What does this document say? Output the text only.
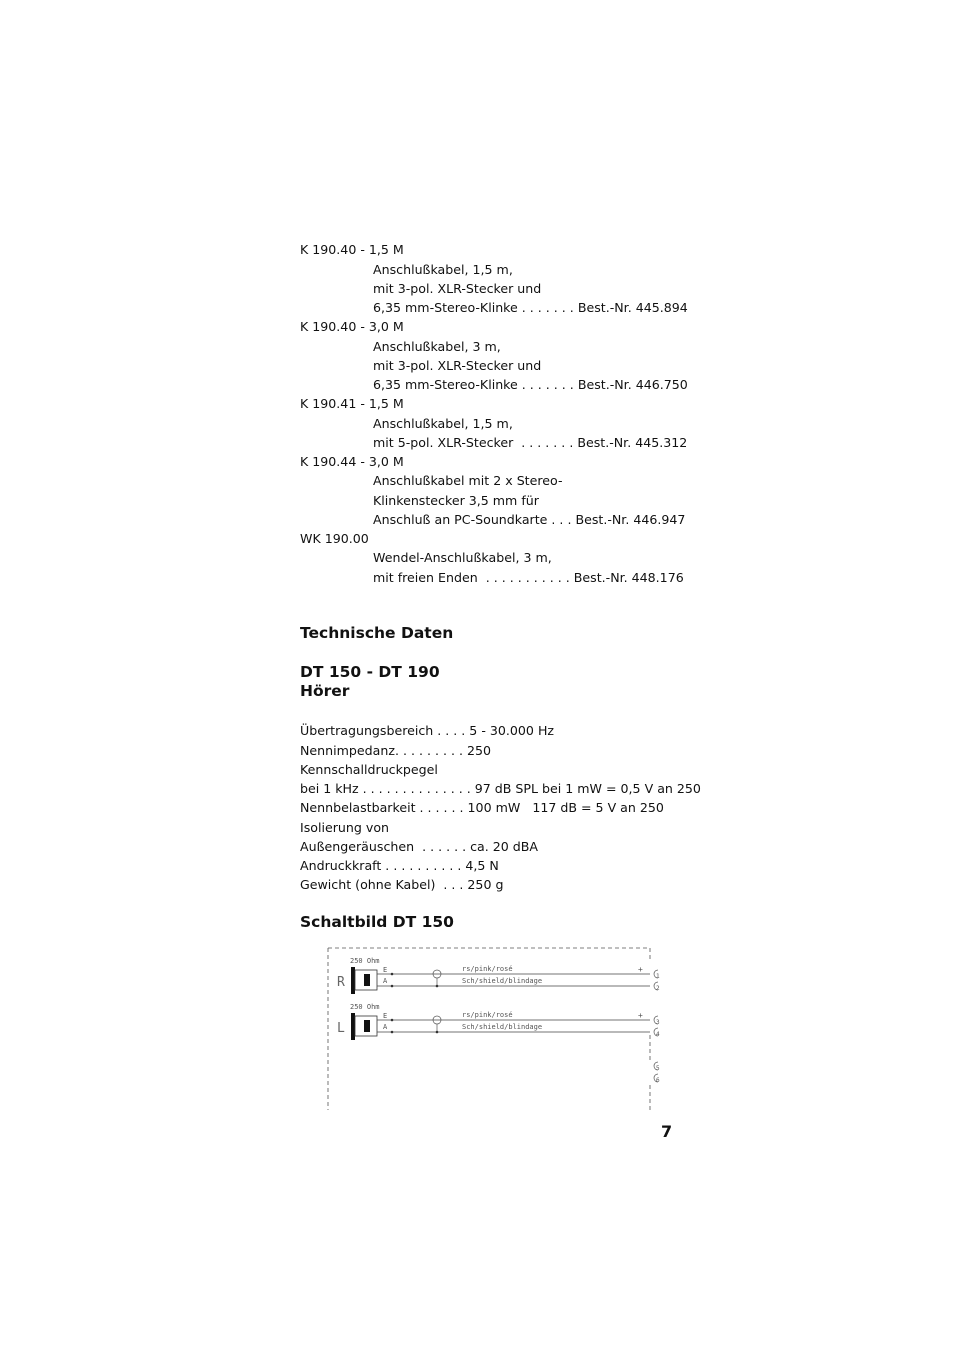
K 190.40 - 1,5 M
Anschlußkabel, 1,5 m,
mit 3-pol. XLR-Stecker und
6,35 mm-Stereo-Klinke . . . . . . . Best.-Nr. 445.894
K 190.40 - 3,0 M
Anschlußkabel, 3 m,
mit 3-pol. XLR-Stecker und
6,35 mm-Stereo-Klinke . . . . . . . Best.-Nr. 446.750
K 190.41 - 1,5 M
Anschlußkabel, 1,5 m,
mit 5-pol. XLR-Stecker  . . . . . . . Best.-Nr. 445.312
K 190.44 - 3,0 M
Anschlußkabel mit 2 x Stereo-
Klinkenstecker 3,5 mm für
Anschluß an PC-Soundkarte . . . Best.-Nr. 446.947
WK 190.00
Wendel-Anschlußkabel, 3 m,
mit freien Enden  . . . . . . . . . . . Best.-Nr. 448.176
Technische Daten
DT 150 - DT 190
Hörer
Übertragungsbereich . . . . 5 - 30.000 Hz
Nennimpedanz. . . . . . . . . 250
Kennschalldruckpegel
bei 1 kHz . . . . . . . . . . . . . . 97 dB SPL bei 1 mW = 0,5 V an 250
Nennbelastbarkeit . . . . . . 100 mW   117 dB = 5 V an 250
Isolierung von
Außengeräuschen  . . . . . . ca. 20 dBA
Andruckkraft . . . . . . . . . . 4,5 N
Gewicht (ohne Kabel)  . . . 250 g
Schaltbild DT 150
250 Ohm
R
E
A
rs/pink/rosé
Sch/shield/blindage
+
1
2
250 Ohm
L
E
A
rs/pink/rosé
Sch/shield/blindage
+
3
4
5
6
7
